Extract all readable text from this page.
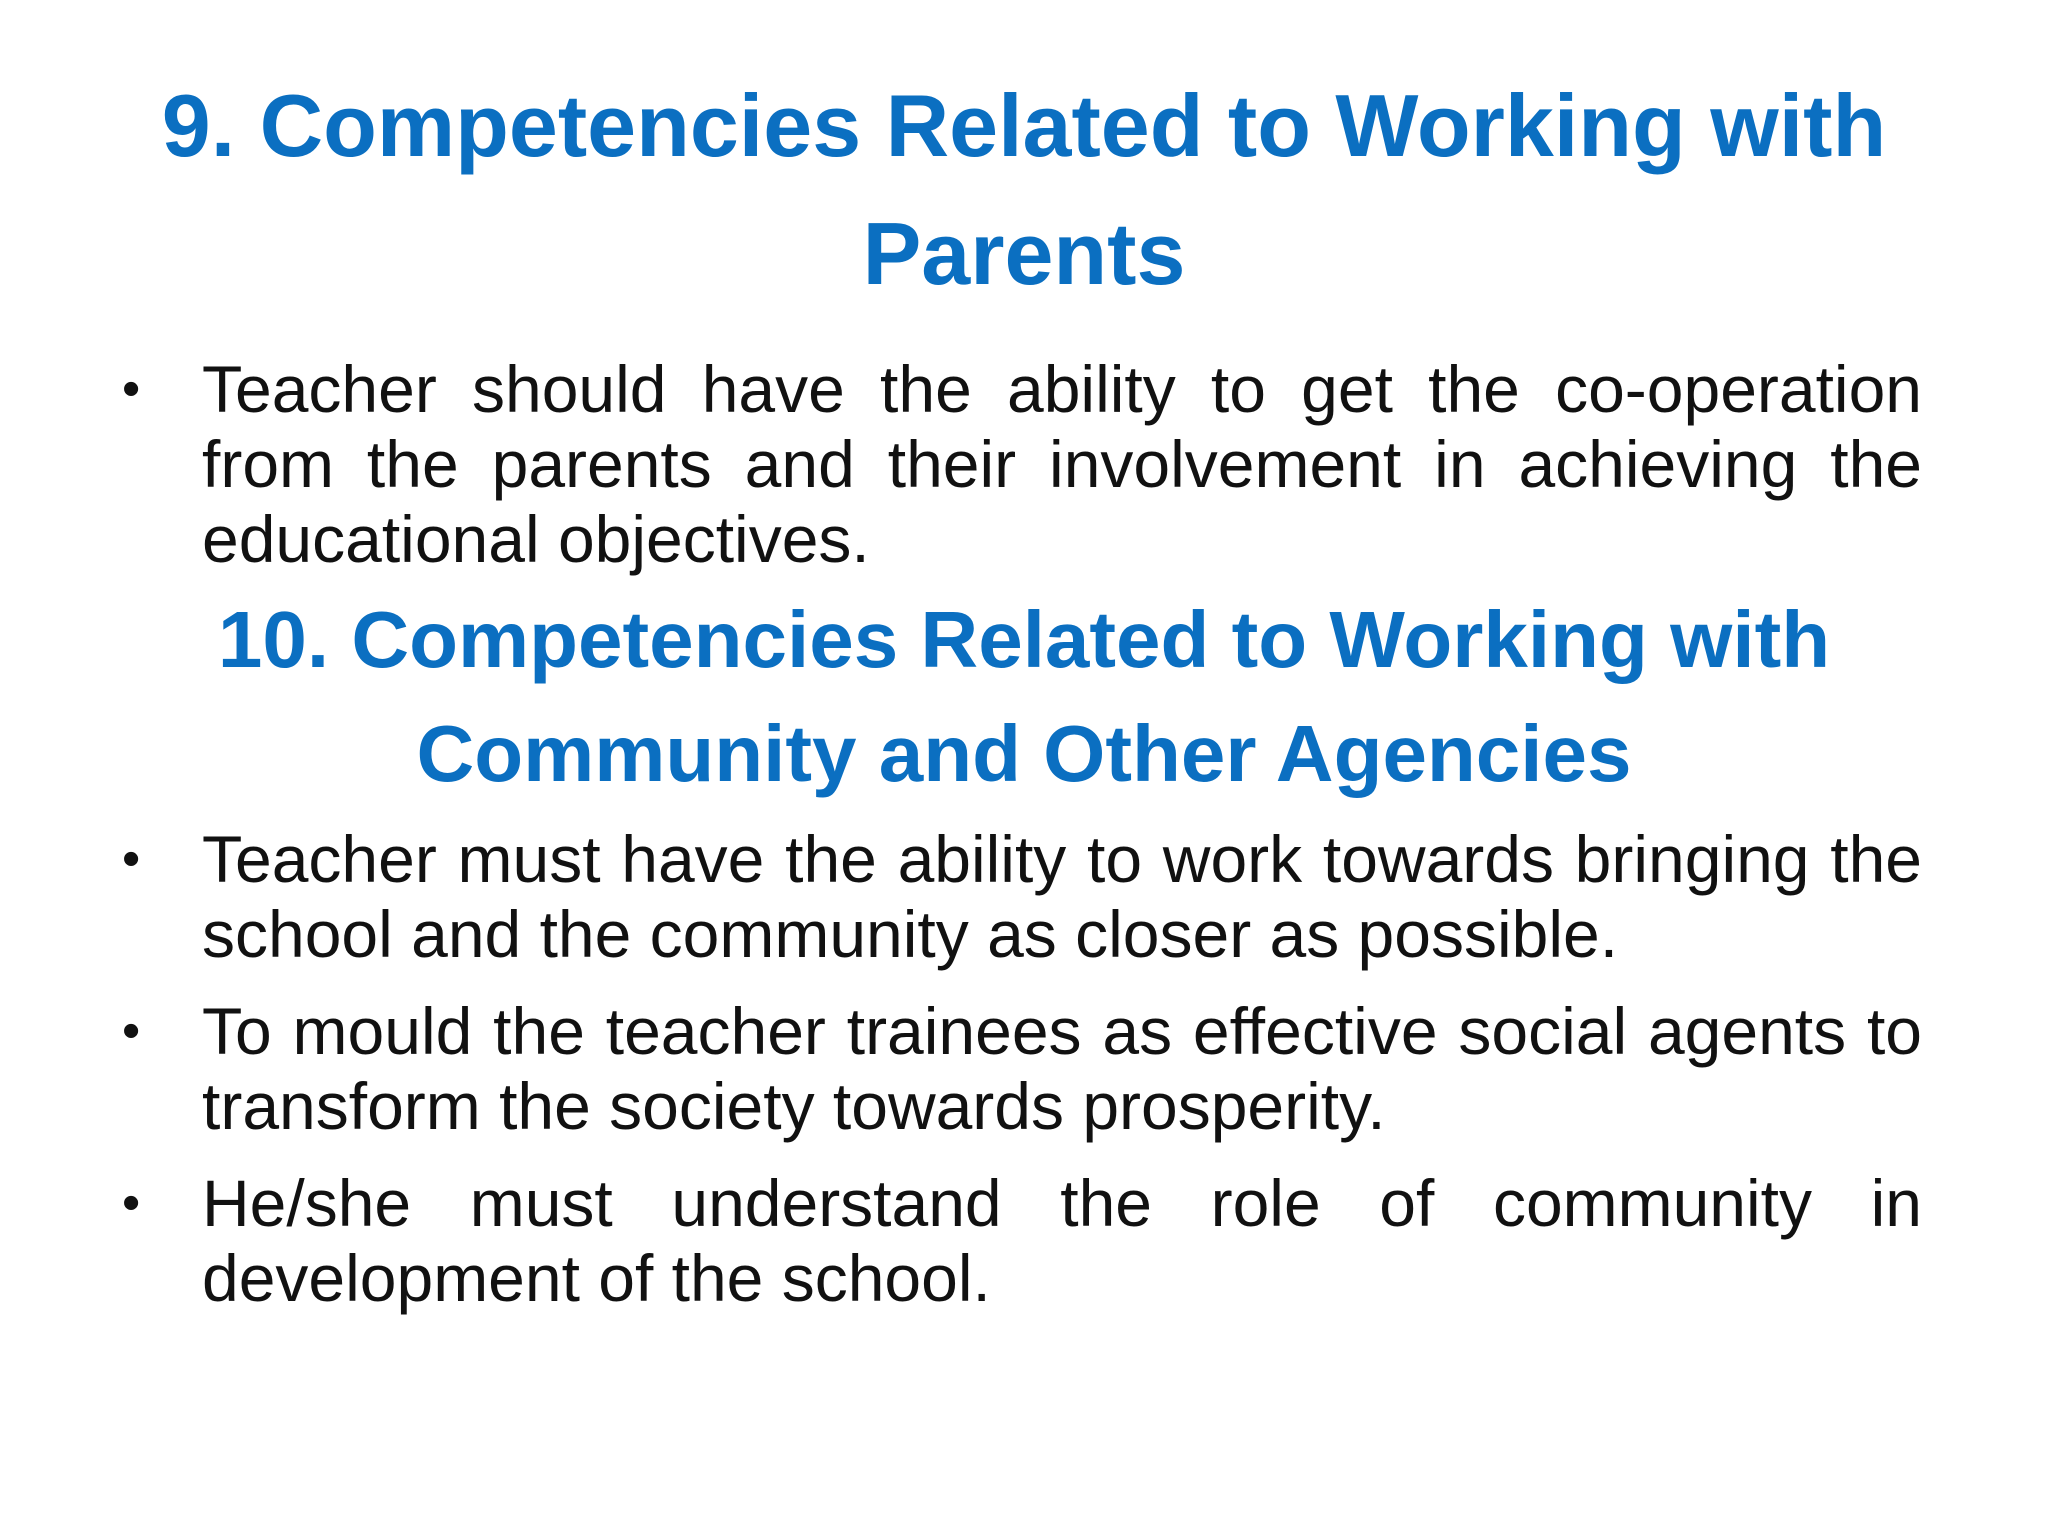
9. Competencies Related to Working with
Parents
• Teacher should have the ability to get the co-operation from the parents and their involvement in achieving the educational objectives.
10. Competencies Related to Working with
Community and Other Agencies
• Teacher must have the ability to work towards bringing the school and the community as closer as possible.
• To mould the teacher trainees as effective social agents to transform the society towards prosperity.
• He/she must understand the role of community in development of the school.
